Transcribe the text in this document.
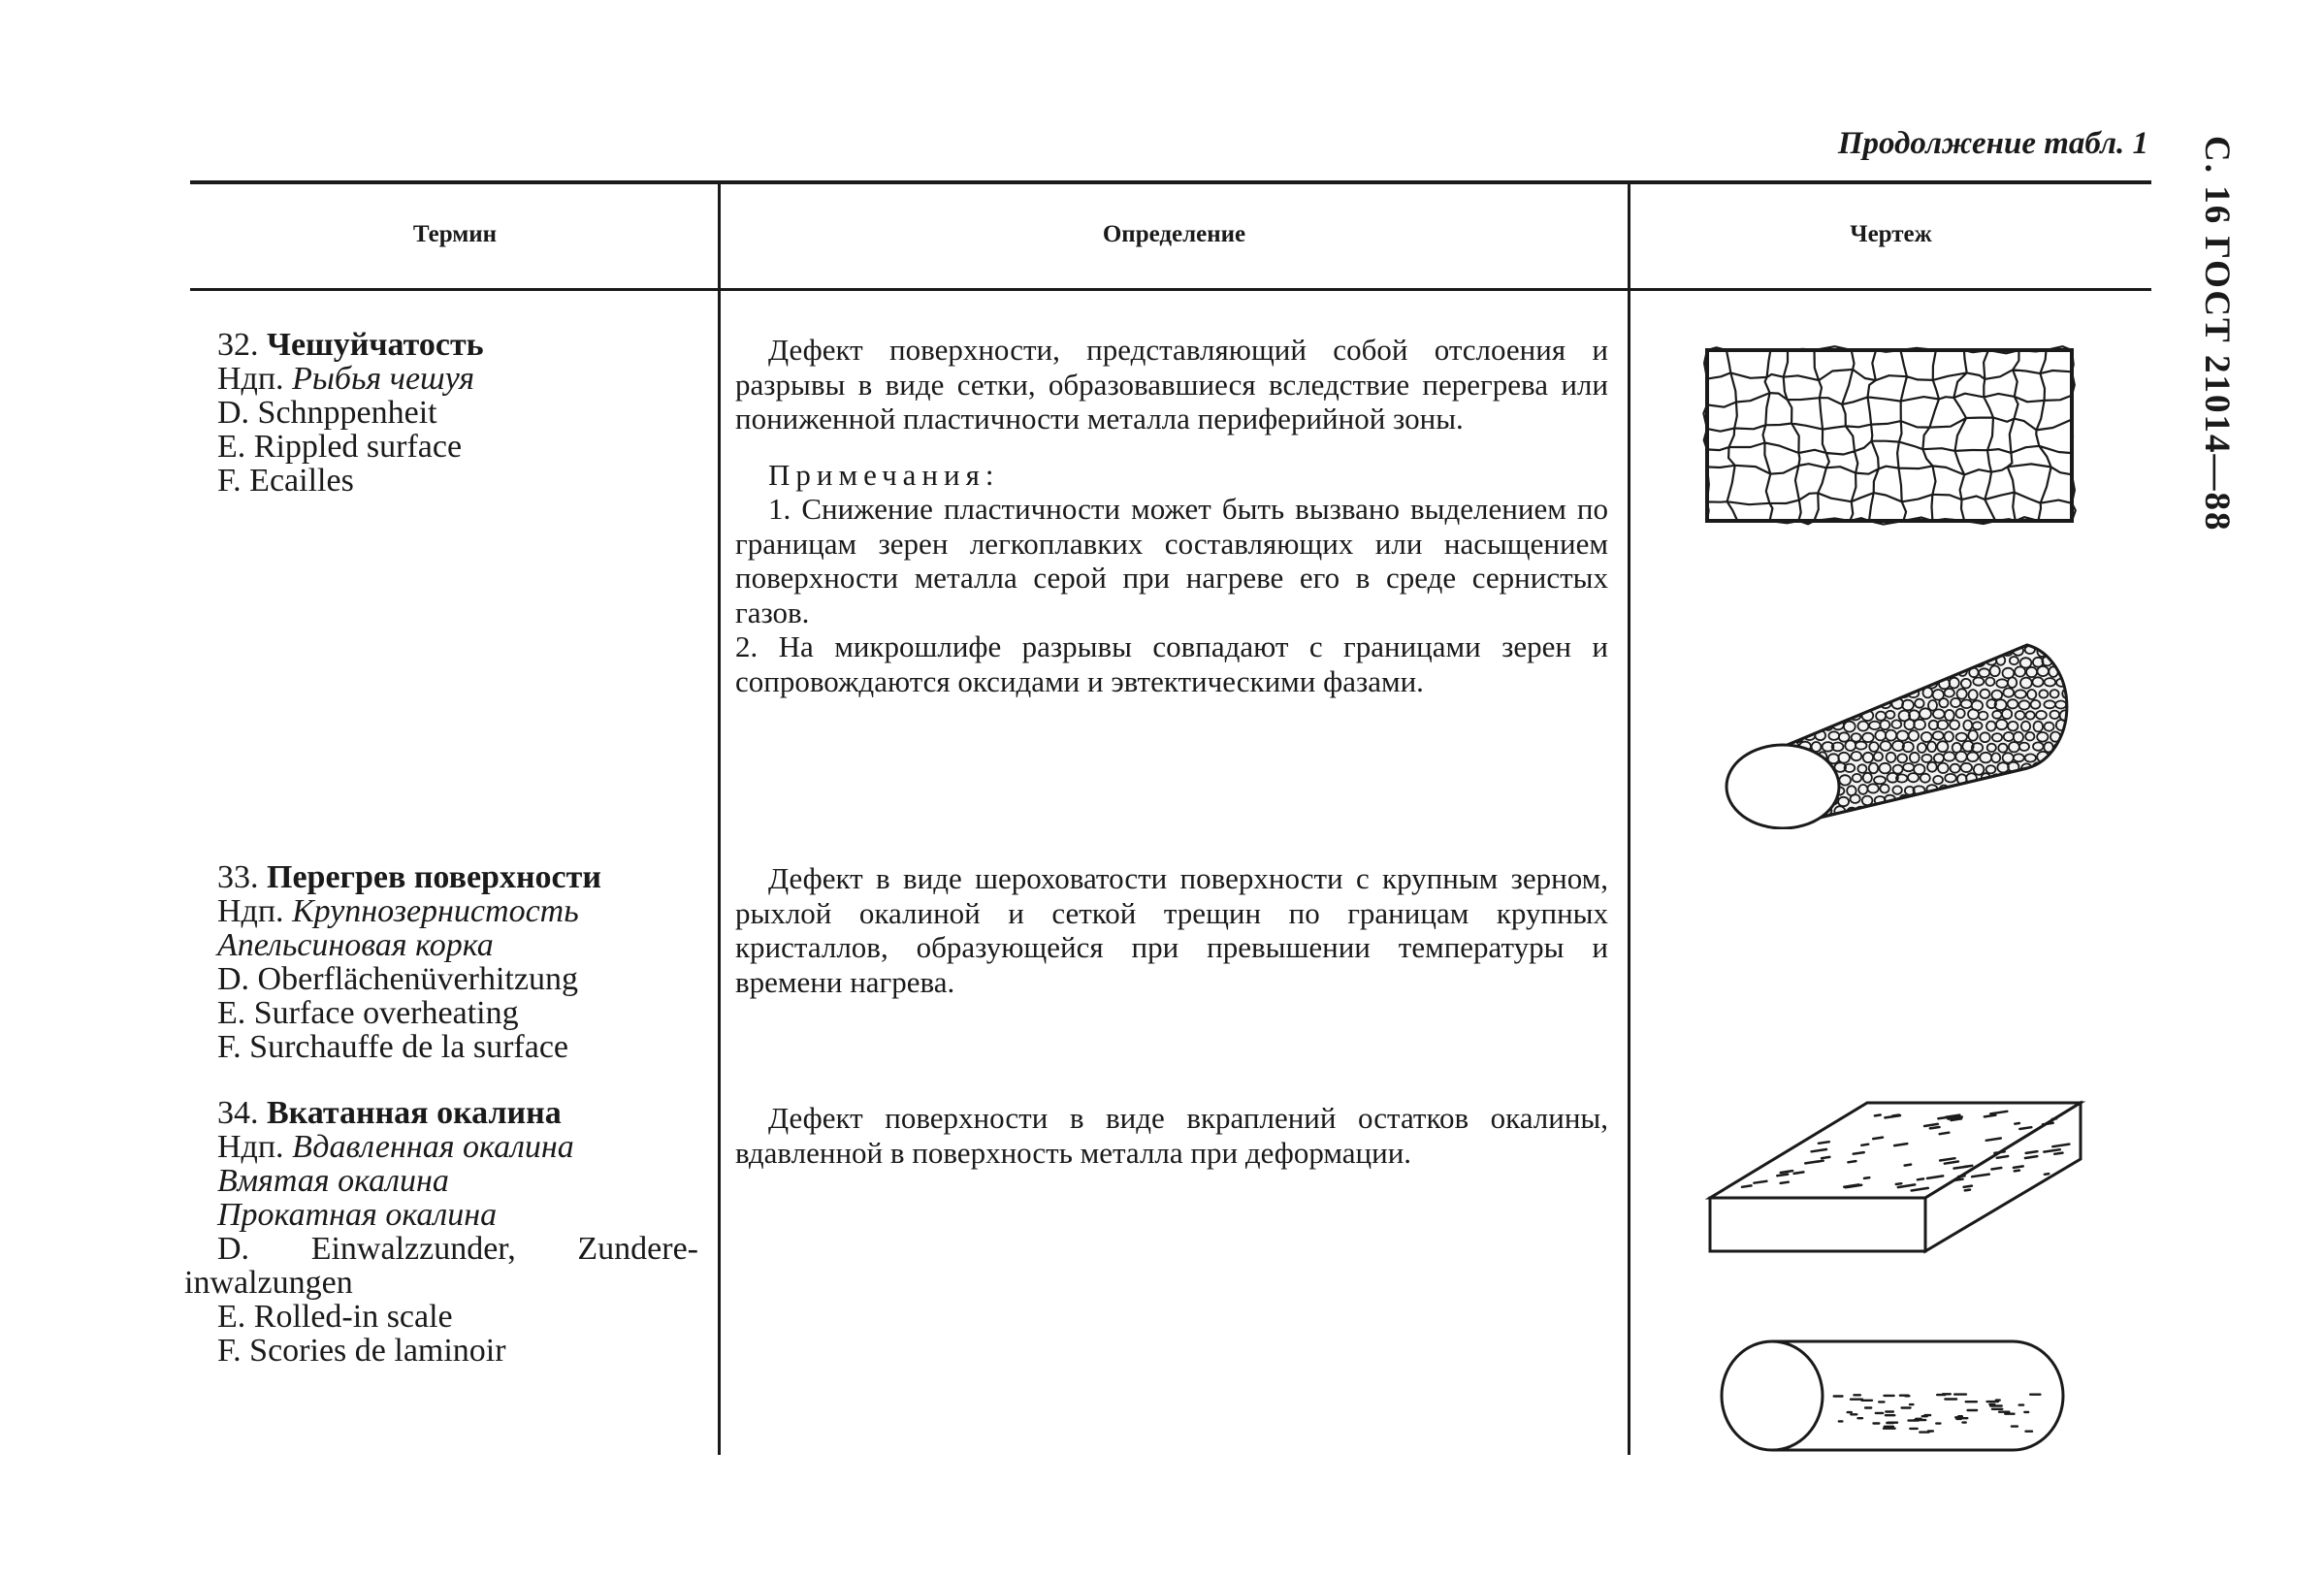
Продолжение табл. 1 С. 16 ГОСТ 21014—88
Термин	Определение	Чертеж
32. Чешуйчатость
Ндп. Рыбья чешуя
D. Schnppenheit
E. Rippled surface
F. Ecailles

Дефект поверхности, представляющий собой отслоения и разрывы в виде сетки, образовавшиеся вследствие перегрева или пониженной пластичности металла периферийной зоны.

Примечания:

1. Снижение пластичности может быть вызвано выделением по границам зерен легкоплавких составляющих или насыщением поверхности металла серой при нагреве его в среде сернистых газов.

2. На микрошлифе разрывы совпадают с границами зерен и сопровождаются оксидами и эвтектическими фазами.

33. Перегрев поверхности
Ндп. Крупнозернистость
Апельсиновая корка
D. Oberflächenüverhitzung
E. Surface overheating
F. Surchauffe de la surface

Дефект в виде шероховатости поверхности с крупным зерном, рыхлой окалиной и сеткой трещин по границам крупных кристаллов, образующейся при превышении температуры и времени нагрева.

34. Вкатанная окалина
Ндп. Вдавленная окалина
Вмятая окалина
Прокатная окалина
D. Einwalzzunder, Zundere-
inwalzungen
E. Rolled-in scale
F. Scories de laminoir

Дефект поверхности в виде вкраплений остатков окалины, вдавленной в поверхность металла при деформации.
